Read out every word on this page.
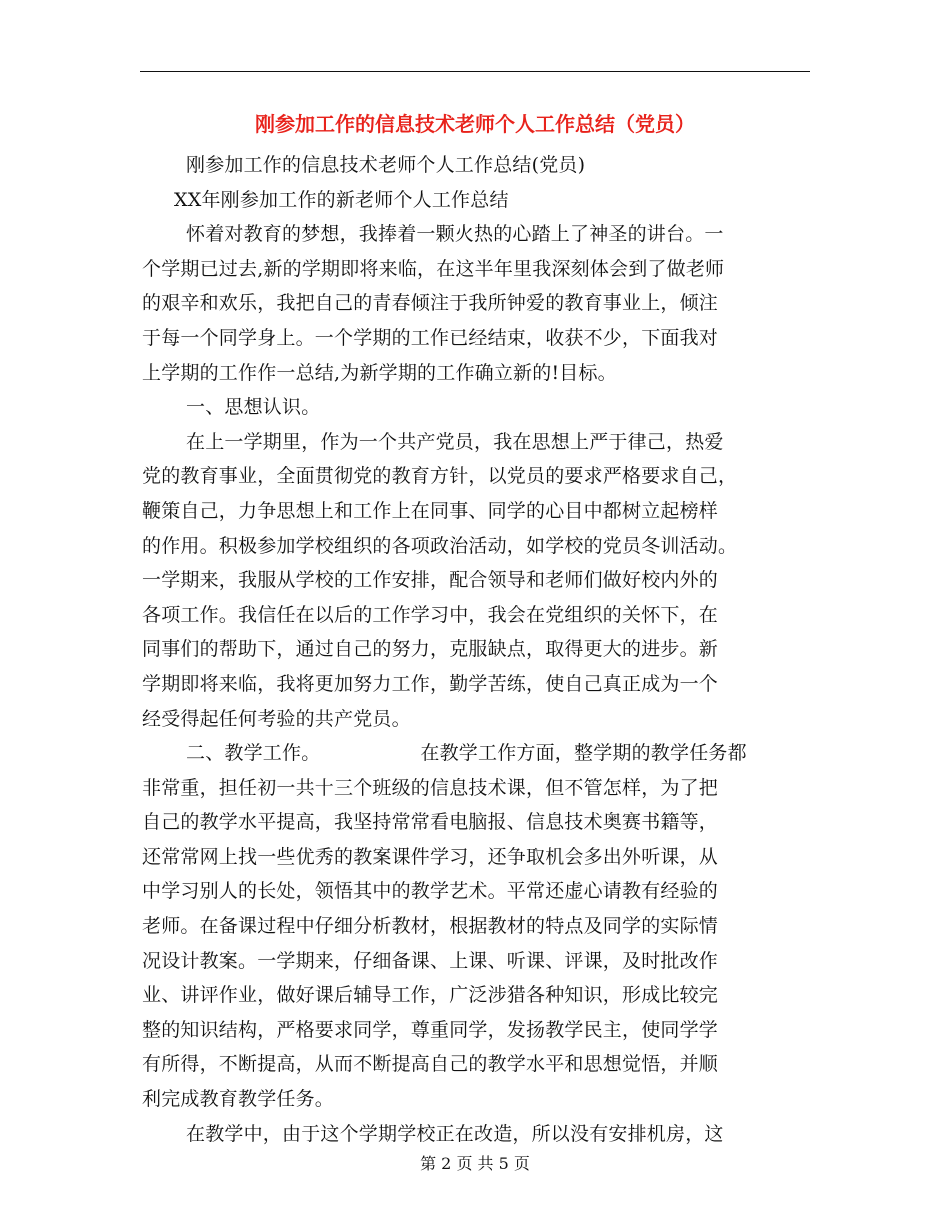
刚参加工作的信息技术老师个人工作总结（党员）
刚参加工作的信息技术老师个人工作总结(党员)
XX年刚参加工作的新老师个人工作总结
怀着对教育的梦想，我捧着一颗火热的心踏上了神圣的讲台。一
个学期已过去,新的学期即将来临，在这半年里我深刻体会到了做老师
的艰辛和欢乐，我把自己的青春倾注于我所钟爱的教育事业上，倾注
于每一个同学身上。一个学期的工作已经结束，收获不少，下面我对
上学期的工作作一总结,为新学期的工作确立新的!目标。
一、思想认识。
在上一学期里，作为一个共产党员，我在思想上严于律己，热爱
党的教育事业，全面贯彻党的教育方针，以党员的要求严格要求自己，
鞭策自己，力争思想上和工作上在同事、同学的心目中都树立起榜样
的作用。积极参加学校组织的各项政治活动，如学校的党员冬训活动。
一学期来，我服从学校的工作安排，配合领导和老师们做好校内外的
各项工作。我信任在以后的工作学习中，我会在党组织的关怀下，在
同事们的帮助下，通过自己的努力，克服缺点，取得更大的进步。新
学期即将来临，我将更加努力工作，勤学苦练，使自己真正成为一个
经受得起任何考验的共产党员。
二、教学工作。	在教学工作方面，整学期的教学任务都
非常重，担任初一共十三个班级的信息技术课，但不管怎样，为了把
自己的教学水平提高，我坚持常常看电脑报、信息技术奥赛书籍等，
还常常网上找一些优秀的教案课件学习，还争取机会多出外听课，从
中学习别人的长处，领悟其中的教学艺术。平常还虚心请教有经验的
老师。在备课过程中仔细分析教材，根据教材的特点及同学的实际情
况设计教案。一学期来，仔细备课、上课、听课、评课，及时批改作
业、讲评作业，做好课后辅导工作，广泛涉猎各种知识，形成比较完
整的知识结构，严格要求同学，尊重同学，发扬教学民主，使同学学
有所得，不断提高，从而不断提高自己的教学水平和思想觉悟，并顺
利完成教育教学任务。
在教学中，由于这个学期学校正在改造，所以没有安排机房，这
第 2 页 共 5 页
